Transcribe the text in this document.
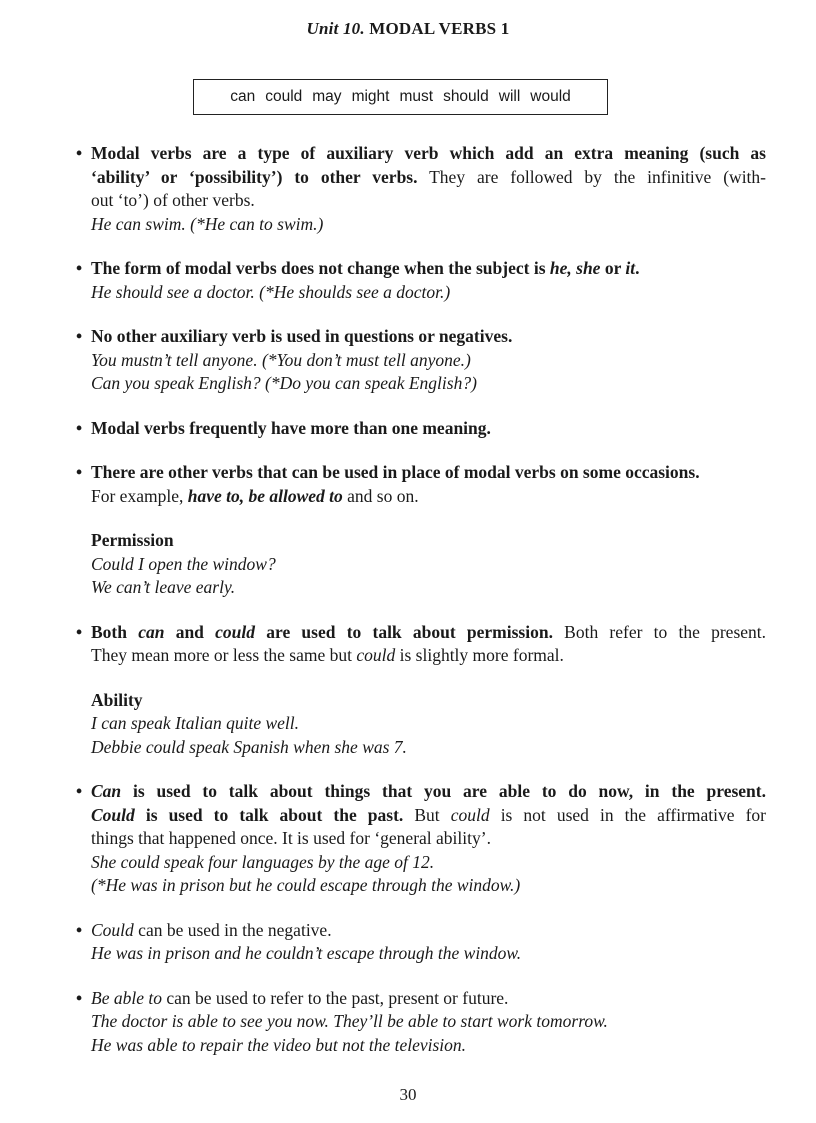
Unit 10. MODAL VERBS 1
can could may might must should will would
• Modal verbs are a type of auxiliary verb which add an extra meaning (such as
‘ability’ or ‘possibility’) to other verbs. They are followed by the infinitive (with-
out ‘to’) of other verbs.
He can swim. (*He can to swim.)
• The form of modal verbs does not change when the subject is he, she or it.
He should see a doctor. (*He shoulds see a doctor.)
• No other auxiliary verb is used in questions or negatives.
You mustn’t tell anyone. (*You don’t must tell anyone.)
Can you speak English? (*Do you can speak English?)
• Modal verbs frequently have more than one meaning.
• There are other verbs that can be used in place of modal verbs on some occasions.
For example, have to, be allowed to and so on.
Permission
Could I open the window?
We can’t leave early.
• Both can and could are used to talk about permission. Both refer to the present.
They mean more or less the same but could is slightly more formal.
Ability
I can speak Italian quite well.
Debbie could speak Spanish when she was 7.
• Can is used to talk about things that you are able to do now, in the present.
Could is used to talk about the past. But could is not used in the affirmative for
things that happened once. It is used for ‘general ability’.
She could speak four languages by the age of 12.
(*He was in prison but he could escape through the window.)
• Could can be used in the negative.
He was in prison and he couldn’t escape through the window.
• Be able to can be used to refer to the past, present or future.
The doctor is able to see you now. They’ll be able to start work tomorrow.
He was able to repair the video but not the television.
30
